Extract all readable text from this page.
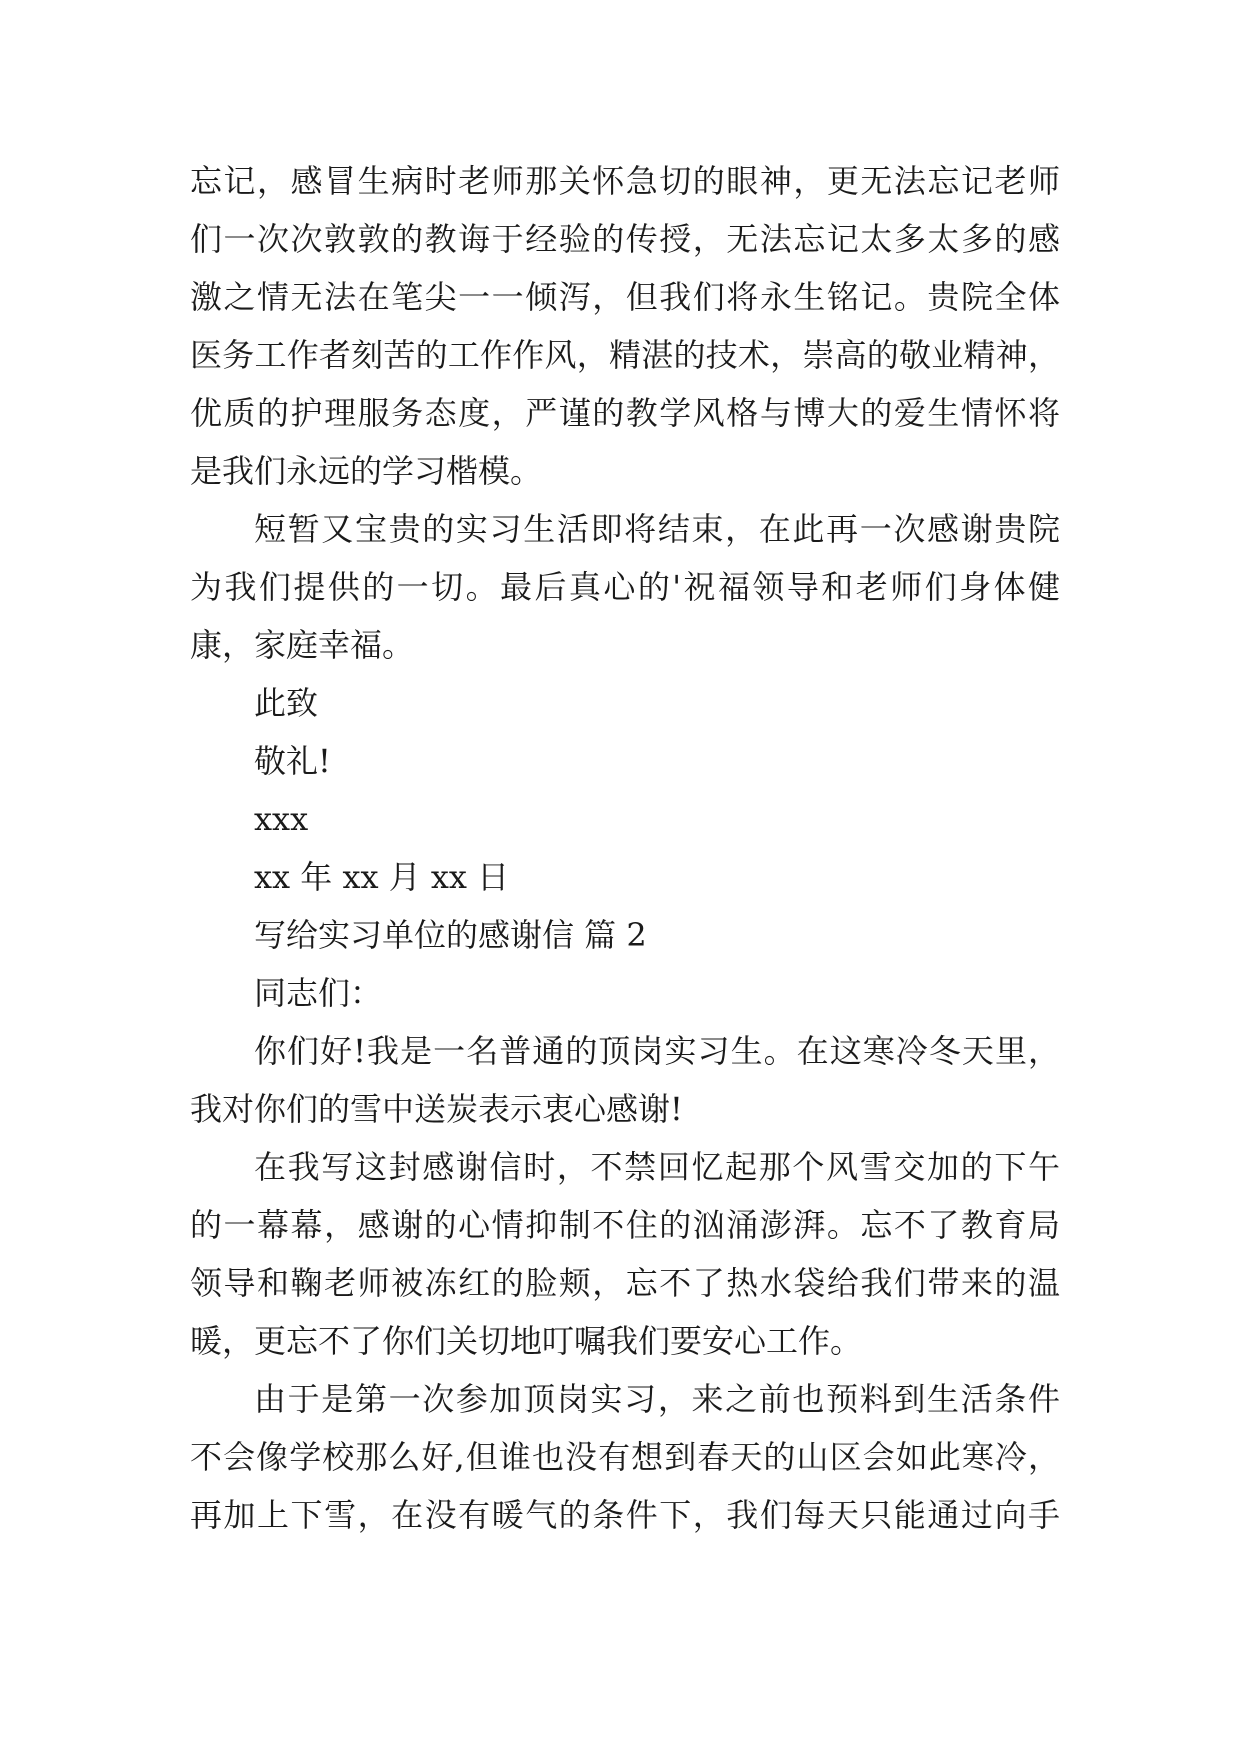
忘记，感冒生病时老师那关怀急切的眼神，更无法忘记老师
们一次次敦敦的教诲于经验的传授，无法忘记太多太多的感
激之情无法在笔尖一一倾泻，但我们将永生铭记。贵院全体
医务工作者刻苦的工作作风，精湛的技术，崇高的敬业精神，
优质的护理服务态度，严谨的教学风格与博大的爱生情怀将
是我们永远的学习楷模。
短暂又宝贵的实习生活即将结束，在此再一次感谢贵院
为我们提供的一切。最后真心的'祝福领导和老师们身体健
康，家庭幸福。
此致
敬礼!
xxx
xx 年 xx 月 xx 日
写给实习单位的感谢信 篇 2
同志们：
你们好!我是一名普通的顶岗实习生。在这寒冷冬天里，
我对你们的雪中送炭表示衷心感谢!
在我写这封感谢信时，不禁回忆起那个风雪交加的下午
的一幕幕，感谢的心情抑制不住的汹涌澎湃。忘不了教育局
领导和鞠老师被冻红的脸颊，忘不了热水袋给我们带来的温
暖，更忘不了你们关切地叮嘱我们要安心工作。
由于是第一次参加顶岗实习，来之前也预料到生活条件
不会像学校那么好,但谁也没有想到春天的山区会如此寒冷，
再加上下雪，在没有暖气的条件下，我们每天只能通过向手
